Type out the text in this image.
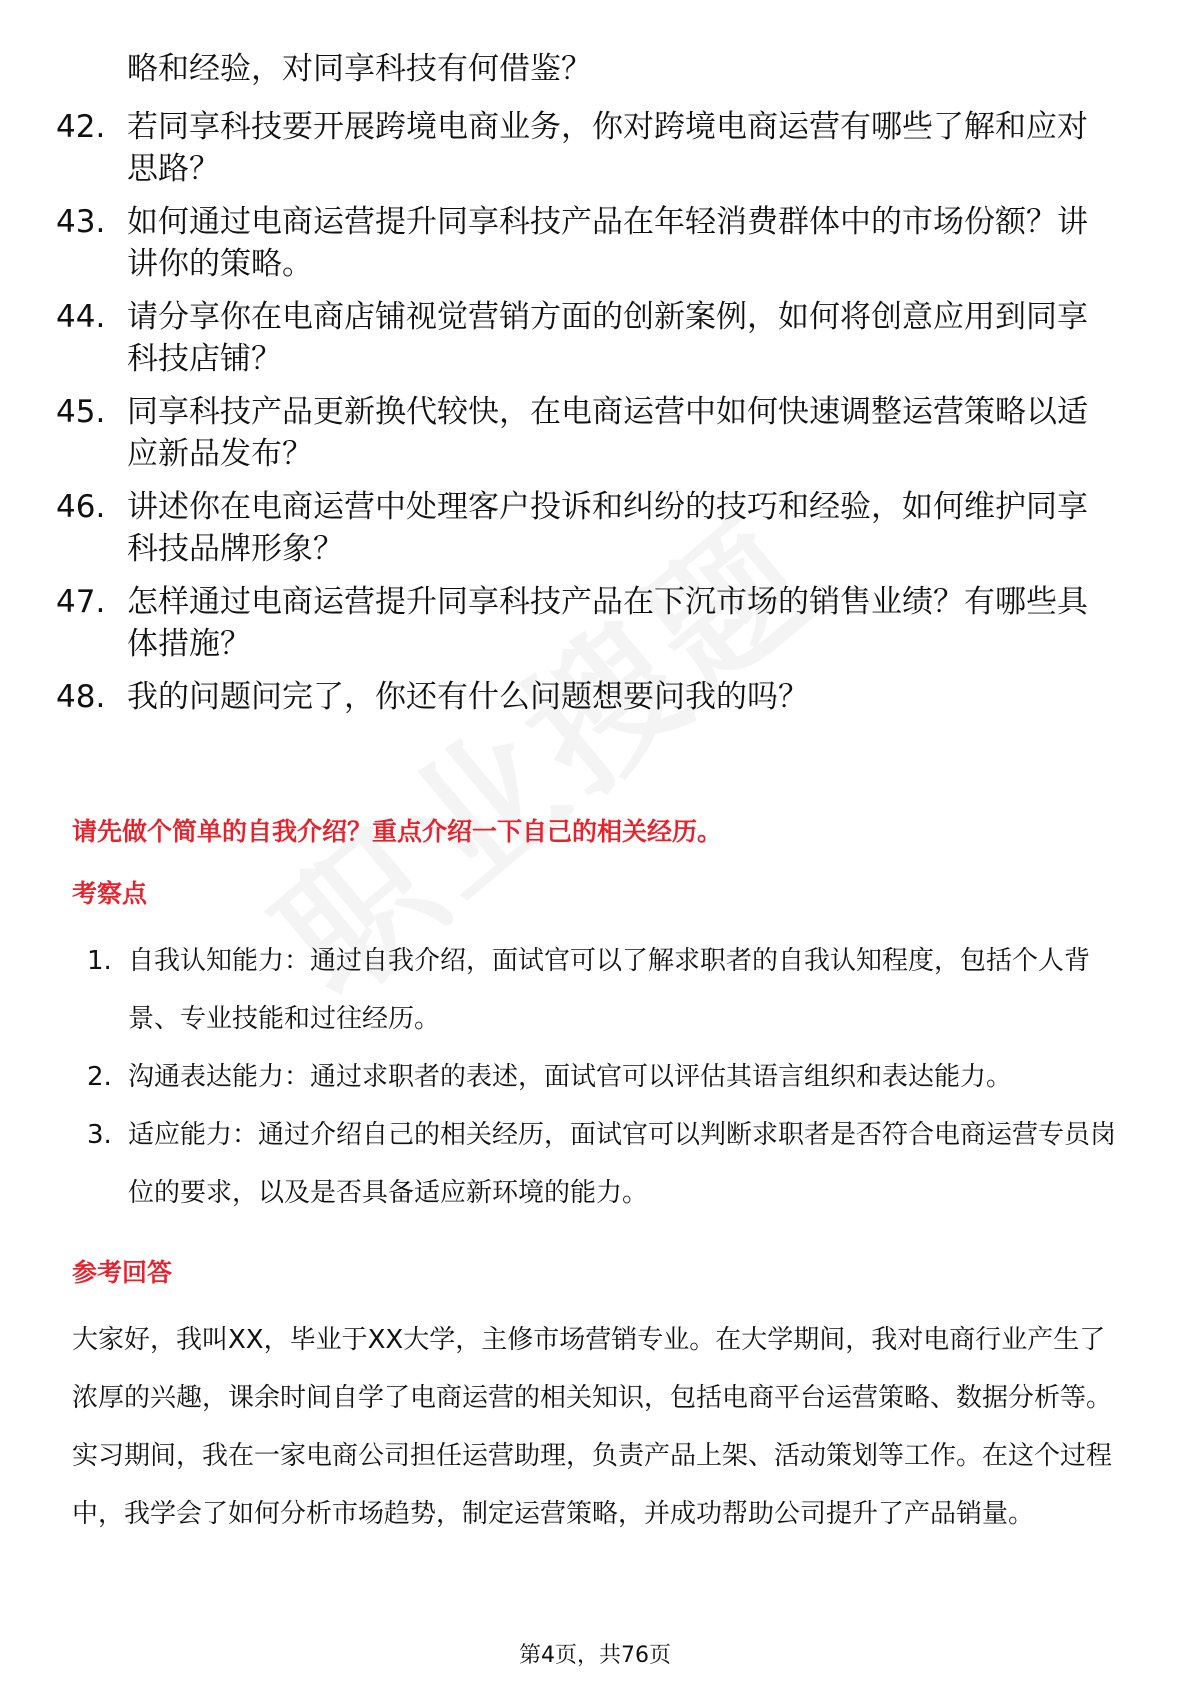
略和经验，对同享科技有何借鉴？
42. 若同享科技要开展跨境电商业务，你对跨境电商运营有哪些了解和应对思路？
43. 如何通过电商运营提升同享科技产品在年轻消费群体中的市场份额？讲讲你的策略。
44. 请分享你在电商店铺视觉营销方面的创新案例，如何将创意应用到同享科技店铺？
45. 同享科技产品更新换代较快，在电商运营中如何快速调整运营策略以适应新品发布？
46. 讲述你在电商运营中处理客户投诉和纠纷的技巧和经验，如何维护同享科技品牌形象？
47. 怎样通过电商运营提升同享科技产品在下沉市场的销售业绩？有哪些具体措施？
48. 我的问题问完了，你还有什么问题想要问我的吗？
请先做个简单的自我介绍？重点介绍一下自己的相关经历。
考察点
1. 自我认知能力：通过自我介绍，面试官可以了解求职者的自我认知程度，包括个人背景、专业技能和过往经历。
2. 沟通表达能力：通过求职者的表述，面试官可以评估其语言组织和表达能力。
3. 适应能力：通过介绍自己的相关经历，面试官可以判断求职者是否符合电商运营专员岗位的要求，以及是否具备适应新环境的能力。
参考回答
大家好，我叫XX，毕业于XX大学，主修市场营销专业。在大学期间，我对电商行业产生了浓厚的兴趣，课余时间自学了电商运营的相关知识，包括电商平台运营策略、数据分析等。实习期间，我在一家电商公司担任运营助理，负责产品上架、活动策划等工作。在这个过程中，我学会了如何分析市场趋势，制定运营策略，并成功帮助公司提升了产品销量。
第4页，共76页
